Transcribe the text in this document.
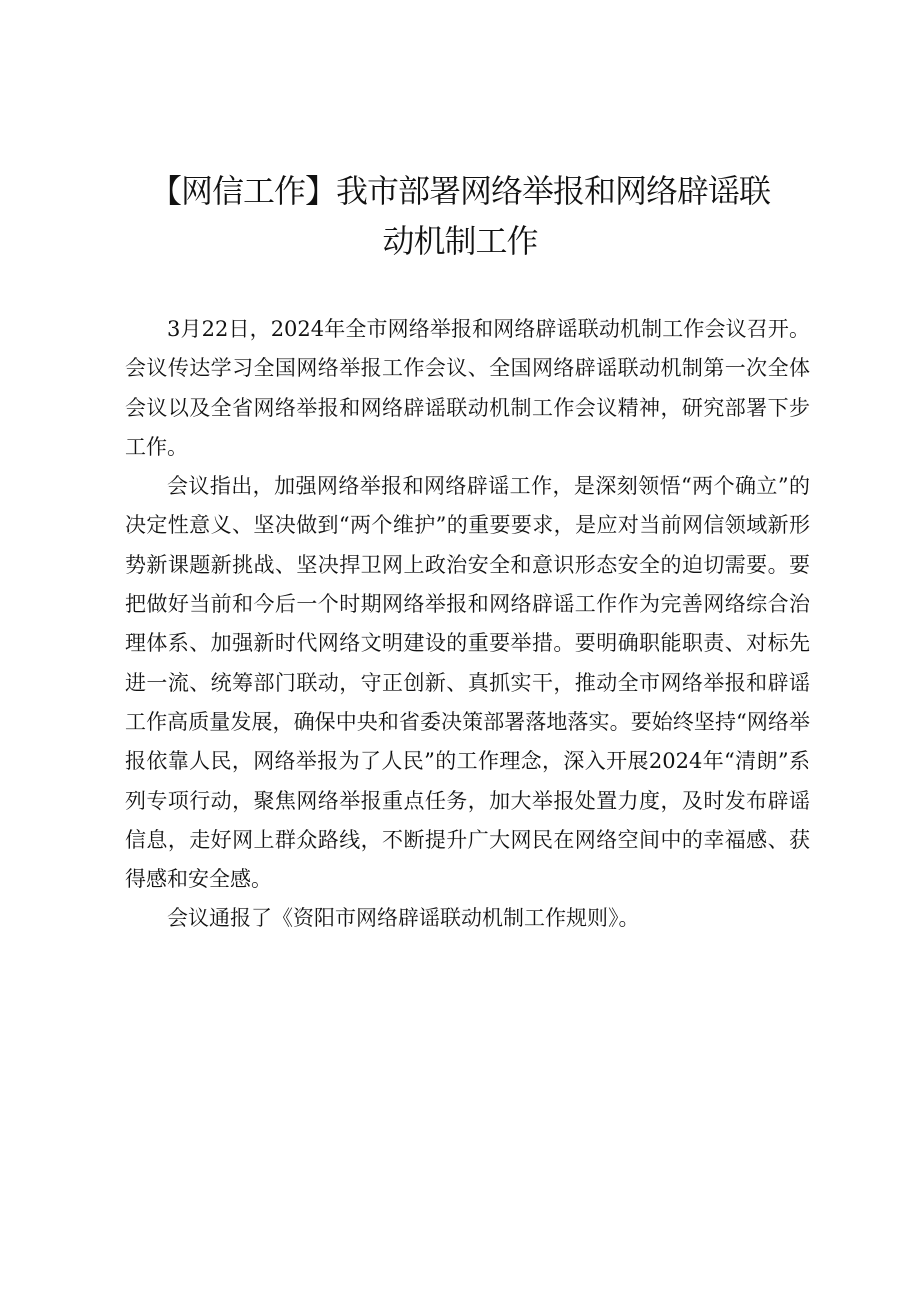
【网信工作】我市部署网络举报和网络辟谣联
动机制工作

3月22日，2024年全市网络举报和网络辟谣联动机制工作会议召开。会议传达学习全国网络举报工作会议、全国网络辟谣联动机制第一次全体会议以及全省网络举报和网络辟谣联动机制工作会议精神，研究部署下步工作。

会议指出，加强网络举报和网络辟谣工作，是深刻领悟“两个确立”的决定性意义、坚决做到“两个维护”的重要要求，是应对当前网信领域新形势新课题新挑战、坚决捍卫网上政治安全和意识形态安全的迫切需要。要把做好当前和今后一个时期网络举报和网络辟谣工作作为完善网络综合治理体系、加强新时代网络文明建设的重要举措。要明确职能职责、对标先进一流、统筹部门联动，守正创新、真抓实干，推动全市网络举报和辟谣工作高质量发展，确保中央和省委决策部署落地落实。要始终坚持“网络举报依靠人民，网络举报为了人民”的工作理念，深入开展2024年“清朗”系列专项行动，聚焦网络举报重点任务，加大举报处置力度，及时发布辟谣信息，走好网上群众路线，不断提升广大网民在网络空间中的幸福感、获得感和安全感。

会议通报了《资阳市网络辟谣联动机制工作规则》。
